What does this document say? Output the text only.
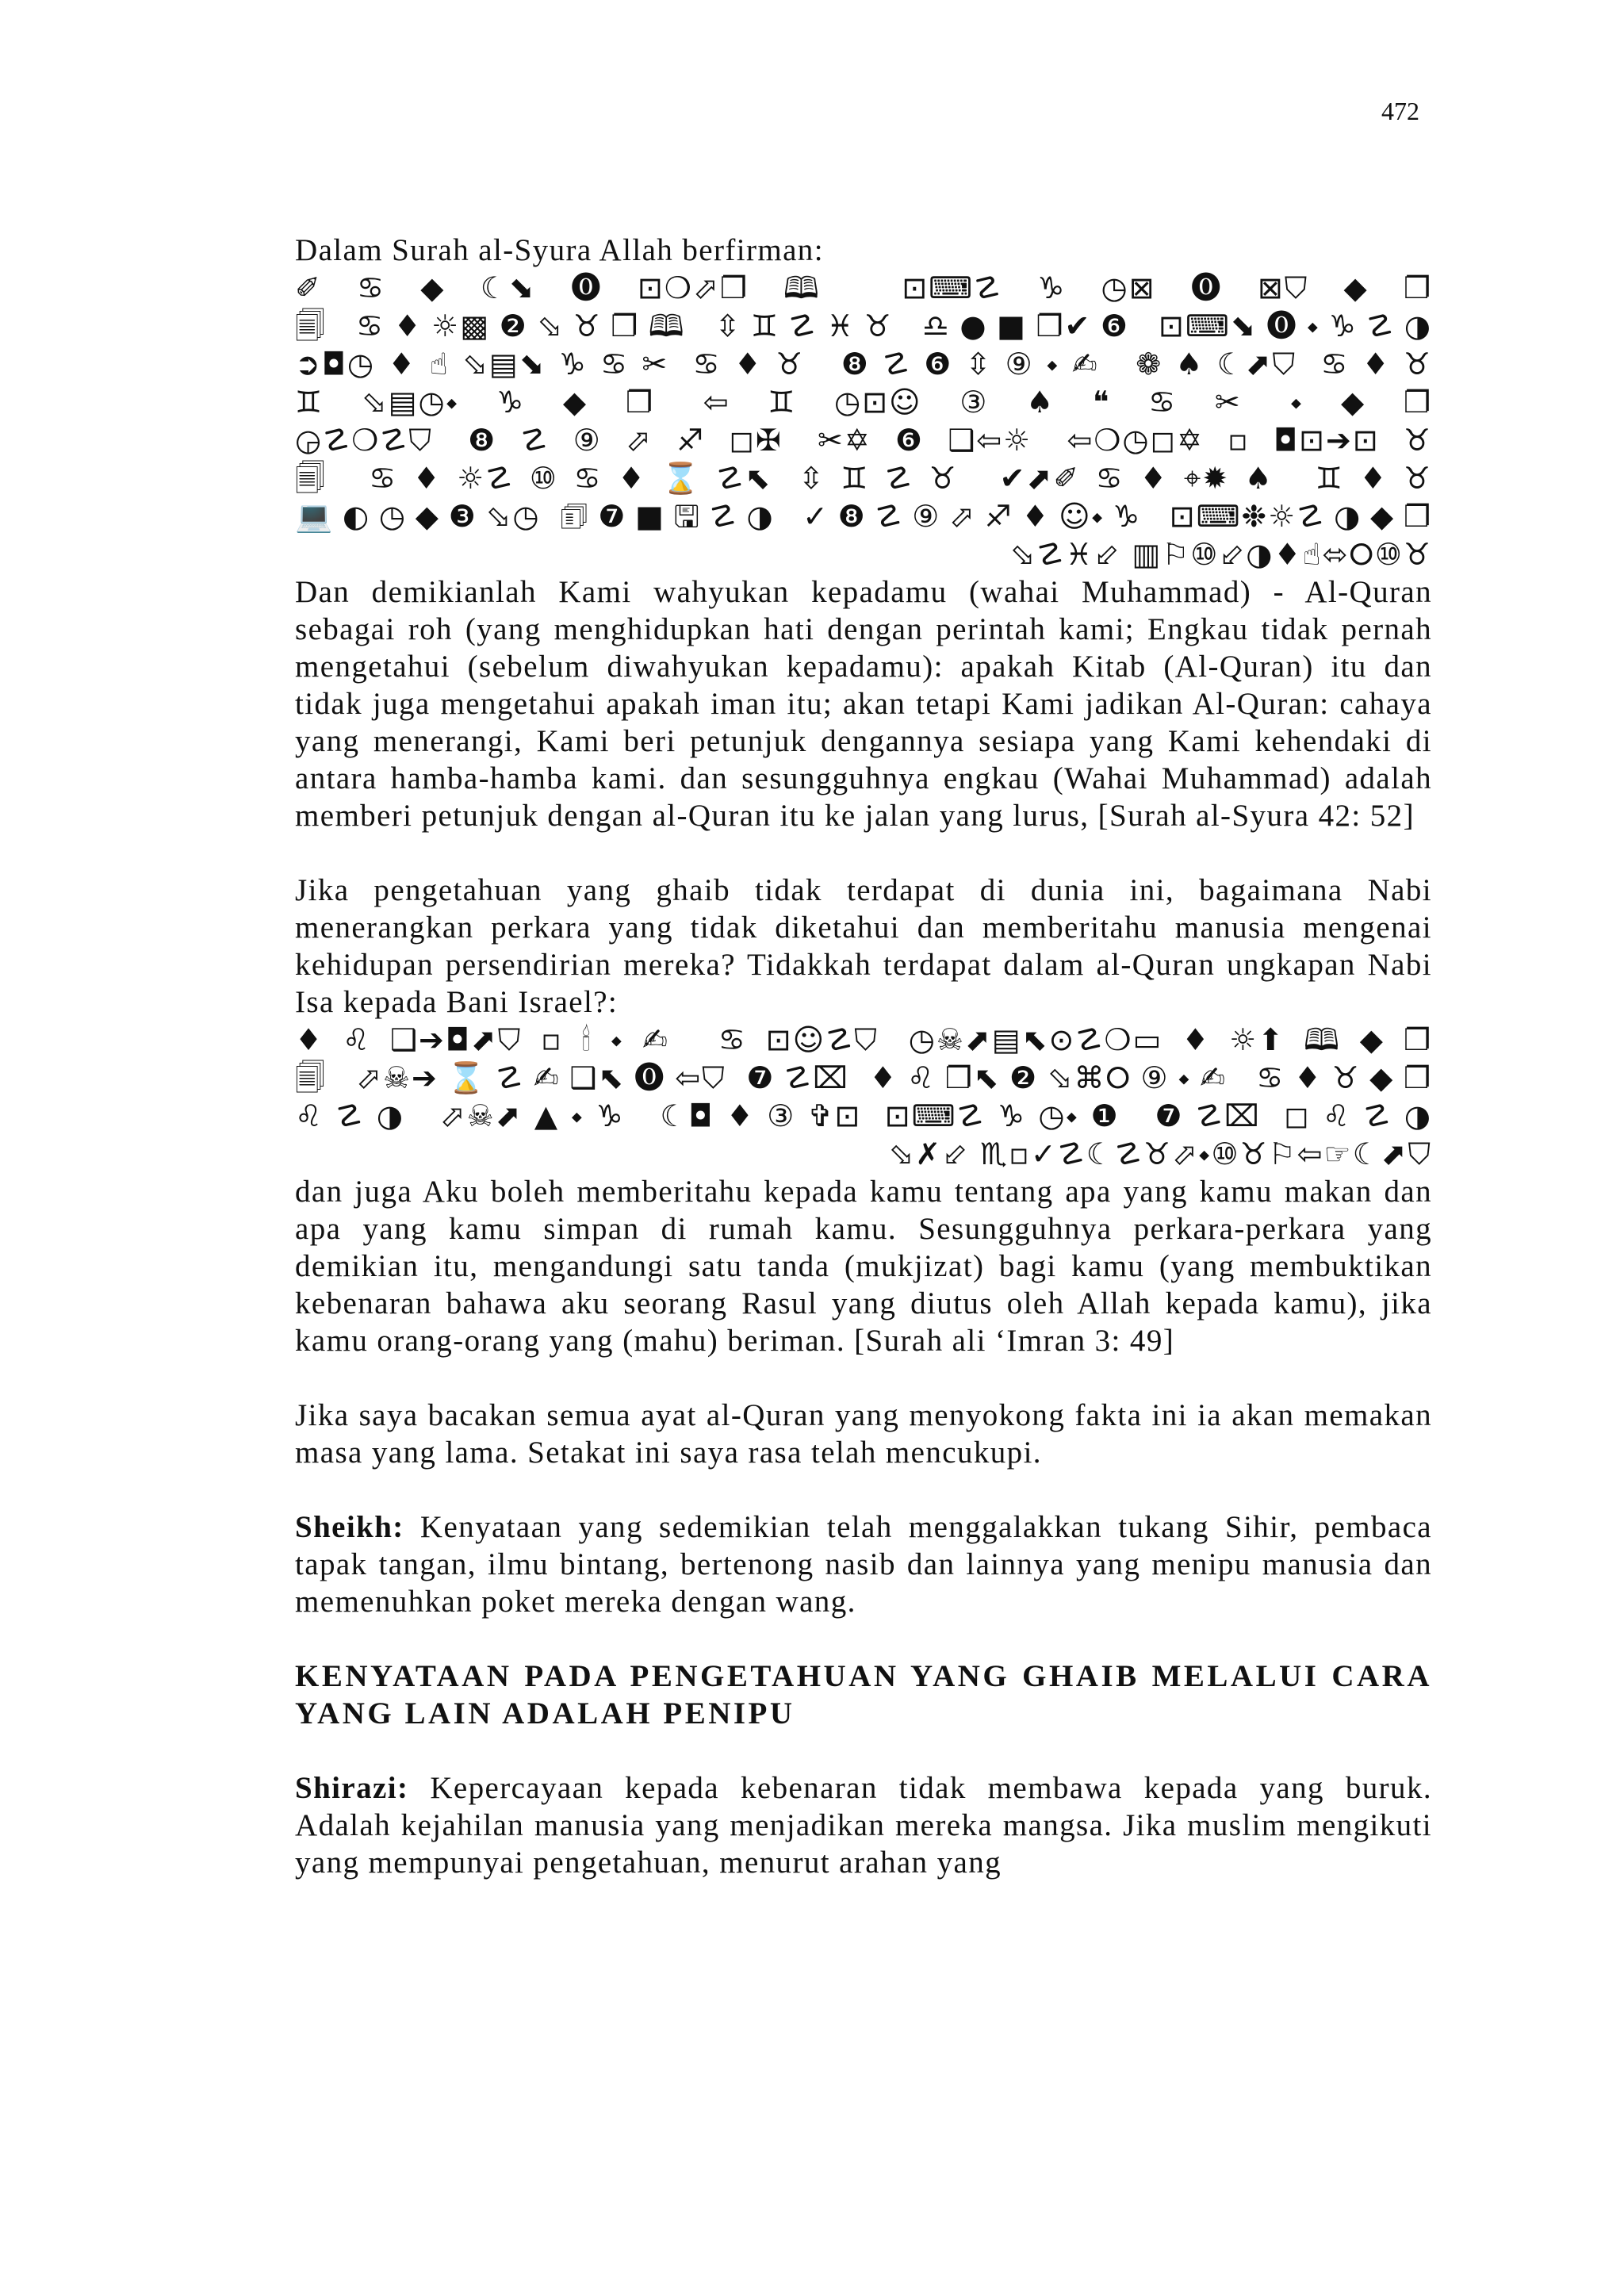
472

Dalam Surah al-Syura Allah berfirman:

✐♋◆☾⬊⓿⊡❍⬀❐🕮 ⊡⌨☡♑◷⊠⓿⊠⛉◆❐
🗐 ♋♦☼▩❷⬂♉❐🕮 ⇳♊☡♓♉ ♎●■❐✔❻ ⊡⌨⬊⓿⬩♑☡◑
➲◘◷♦☝⬂▤⬊♑♋✂ ♋♦♉ ❽☡❻⇳⑨⬩✍ ❁♠☾⬈⛉ ♋♦♉
♊⬂▤◷⬩♑◆❐ ⇦♊◷⊡☺③♠❝♋✂ ⬩◆❐
◶☡❍☡⛉ ❽☡⑨⬀♐◻✠ ✂✡❻❑⇦☼ ⇦❍◷◻✡▫◘⊡➔⊡♉
🗐 ♋♦☼☡⑩♋♦⌛☡⬉ ⇳♊☡♉ ✔⬈✐♋♦⌖✹♠ ♊♦♉
💻◐◷◆❸⬂◷ 🗊❼■🖫☡◑ ✓❽☡⑨⬀♐♦☺⬩♑ ⊡⌨❉☼☡◑◆❐
⬂☡♓⬃ ▥⚐⑩⬃◑♦☝⬄⭘⑩♉

Dan demikianlah Kami wahyukan kepadamu (wahai Muhammad) - Al-Quran sebagai roh (yang menghidupkan hati dengan perintah kami; Engkau tidak pernah mengetahui (sebelum diwahyukan kepadamu): apakah Kitab (Al-Quran) itu dan tidak juga mengetahui apakah iman itu; akan tetapi Kami jadikan Al-Quran: cahaya yang menerangi, Kami beri petunjuk dengannya sesiapa yang Kami kehendaki di antara hamba-hamba kami. dan sesungguhnya engkau (Wahai Muhammad) adalah memberi petunjuk dengan al-Quran itu ke jalan yang lurus, [Surah al-Syura 42: 52]

Jika pengetahuan yang ghaib tidak terdapat di dunia ini, bagaimana Nabi menerangkan perkara yang tidak diketahui dan memberitahu manusia mengenai kehidupan persendirian mereka? Tidakkah terdapat dalam al-Quran ungkapan Nabi Isa kepada Bani Israel?:

♦♌❑➔◘⬈⛉▫🕯⬩✍ ♋⊡☺☡⛉ ◷☠⬈▤⬉⊙☡❍▭♦☼⬆🕮◆❐
🗐 ⬀☠➔⌛☡✍❑⬉⓿⇦⛉ ❼☡⌧ ♦♌❐⬉❷⬂⌘⭘⑨⬩✍ ♋♦♉◆❐
♌☡◑ ⬀☠⬈▲⬩♑ ☾◘♦③✞⊡ ⊡⌨☡♑◷⬩❶ ❼☡⌧ ◻♌☡◑
⬂✗⬃ ♏▫✓☡☾☡♉⬀⬩⑩♉⚐⇦☞☾⬈⛉

dan juga Aku boleh memberitahu kepada kamu tentang apa yang kamu makan dan apa yang kamu simpan di rumah kamu. Sesungguhnya perkara-perkara yang demikian itu, mengandungi satu tanda (mukjizat) bagi kamu (yang membuktikan kebenaran bahawa aku seorang Rasul yang diutus oleh Allah kepada kamu), jika kamu orang-orang yang (mahu) beriman. [Surah ali ‘Imran 3: 49]

Jika saya bacakan semua ayat al-Quran yang menyokong fakta ini ia akan memakan masa yang lama. Setakat ini saya rasa telah mencukupi.

Sheikh: Kenyataan yang sedemikian telah menggalakkan tukang Sihir, pembaca tapak tangan, ilmu bintang, bertenong nasib dan lainnya yang menipu manusia dan memenuhkan poket mereka dengan wang.

KENYATAAN PADA PENGETAHUAN YANG GHAIB MELALUI CARA YANG LAIN ADALAH PENIPU

Shirazi: Kepercayaan kepada kebenaran tidak membawa kepada yang buruk. Adalah kejahilan manusia yang menjadikan mereka mangsa. Jika muslim mengikuti yang mempunyai pengetahuan, menurut arahan yang
